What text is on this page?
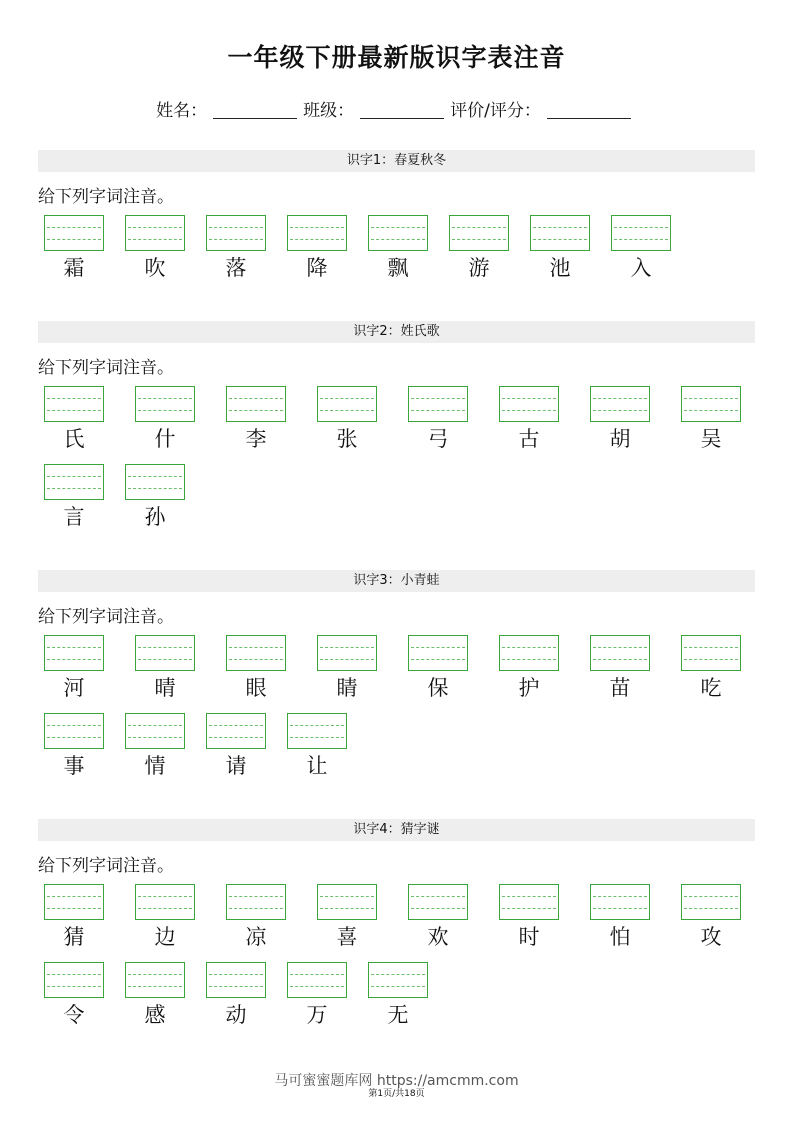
一年级下册最新版识字表注音
姓名：	班级：	评价/评分：
识字1：春夏秋冬
给下列字词注音。
霜	吹	落	降	飘	游	池	入
识字2：姓氏歌
给下列字词注音。
氏	什	李	张	弓	古	胡	吴
言	孙
识字3：小青蛙
给下列字词注音。
河	晴	眼	睛	保	护	苗	吃
事	情	请	让
识字4：猜字谜
给下列字词注音。
猜	边	凉	喜	欢	时	怕	攻
令	感	动	万	无
马可蜜蜜题库网 https://amcmm.com
第1页/共18页
